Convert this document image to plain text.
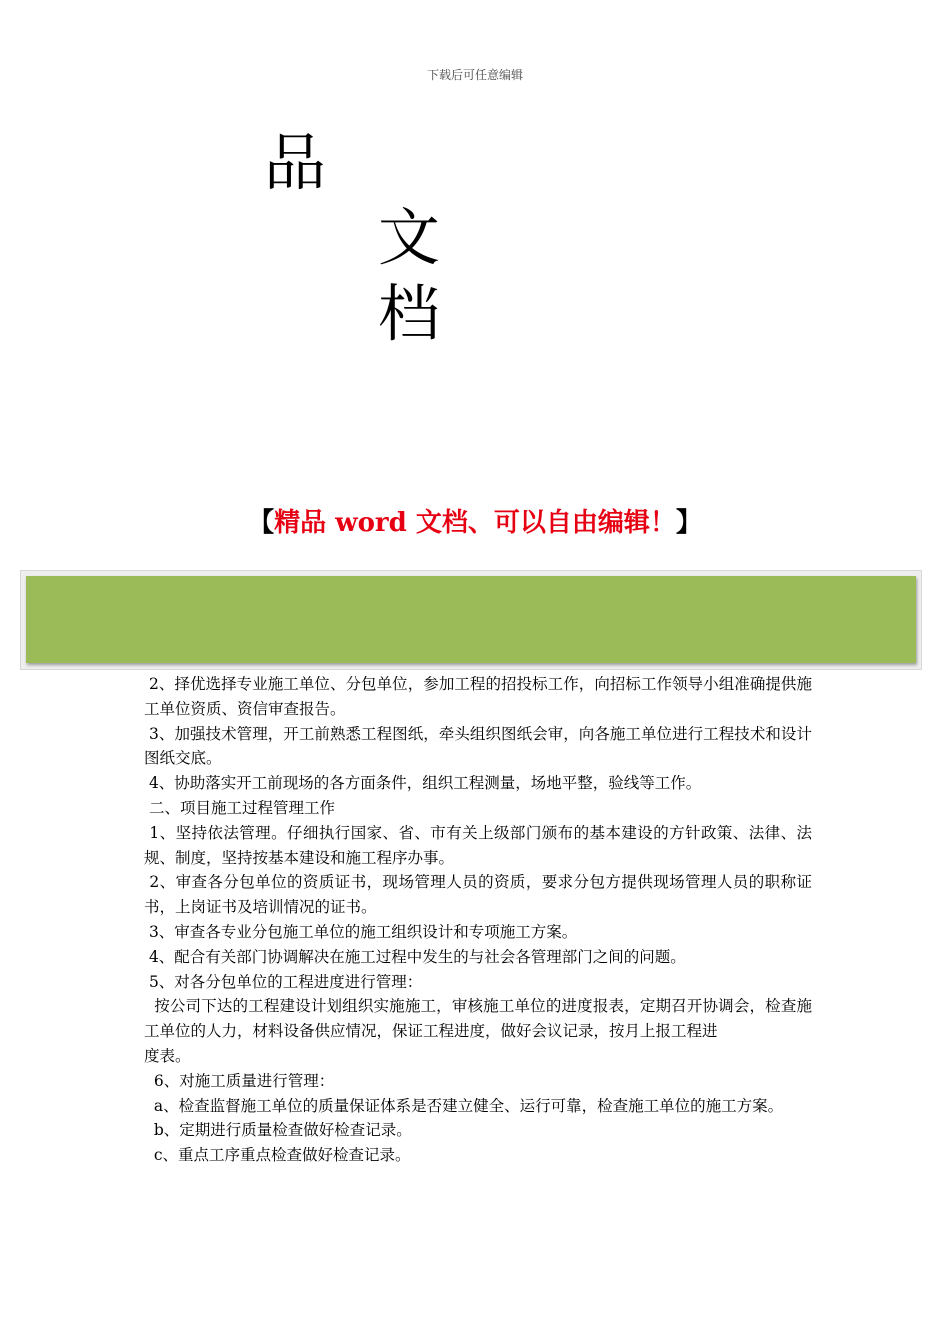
下载后可任意编辑
品
文
档
【精品 word 文档、可以自由编辑！】

2、择优选择专业施工单位、分包单位，参加工程的招投标工作，向招标工作领导小组准确提供施工单位资质、资信审查报告。

3、加强技术管理，开工前熟悉工程图纸，牵头组织图纸会审，向各施工单位进行工程技术和设计图纸交底。

4、协助落实开工前现场的各方面条件，组织工程测量，场地平整，验线等工作。

二、项目施工过程管理工作

1、坚持依法管理。仔细执行国家、省、市有关上级部门颁布的基本建设的方针政策、法律、法规、制度，坚持按基本建设和施工程序办事。

2、审查各分包单位的资质证书，现场管理人员的资质，要求分包方提供现场管理人员的职称证书，上岗证书及培训情况的证书。

3、审查各专业分包施工单位的施工组织设计和专项施工方案。

4、配合有关部门协调解决在施工过程中发生的与社会各管理部门之间的问题。

5、对各分包单位的工程进度进行管理：

按公司下达的工程建设计划组织实施施工，审核施工单位的进度报表，定期召开协调会，检查施工单位的人力，材料设备供应情况，保证工程进度，做好会议记录，按月上报工程进

度表。

6、对施工质量进行管理：

a、检查监督施工单位的质量保证体系是否建立健全、运行可靠，检查施工单位的施工方案。

b、定期进行质量检查做好检查记录。

c、重点工序重点检查做好检查记录。
